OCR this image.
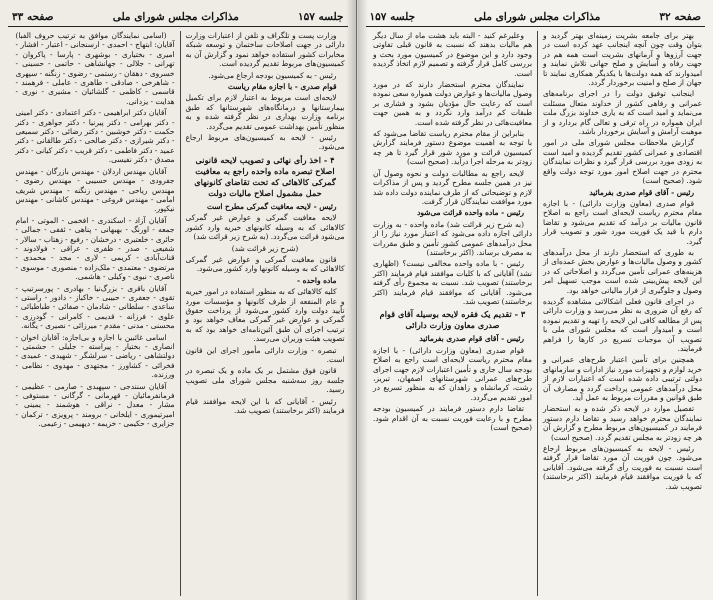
صفحه ۳۲
مذاکرات مجلس شورای ملی
جلسه ۱۵۷

بهتر برای جامعه بشریت زمینه‌ای بهتر گردید و بتوان وقت چون آنچه اینجانب عهد کرده است در جهت آرزوها و آرمانهای بشریت است همه هم در جهت رفاه و آسایش و صلح جهانی تلاش نمایند و امیدوارند که همه دولت‌ها با یکدیگر همکاری نمایند تا جهان از صلح و امنیت برخوردار گردد.

اینجانب توفیق دولت را در اجرای برنامه‌های عمرانی و رفاهی کشور از خداوند متعال مسئلت می‌نماید و امید است که به یاری خداوند بزرگ ملت ایران همواره در راه ترقی و تعالی گام بردارد و از موهبت آرامش و آسایش برخوردار باشد.

گزارش ملاحظات مجلس شورای ملی در امور اقتصادی و عمرانی کشور تقدیم گردیده و امید است به زودی مورد بررسی قرار گیرد و نظرات نمایندگان محترم در جهت اصلاح امور مورد توجه دولت واقع شود. (صحیح است)

رئیس - آقای قوام صدری بفرمائید

قوام صدری (معاون وزارت دارائی) - با اجازه مقام محترم ریاست لایحه‌ای است راجع به اصلاح قانون مالیات بر درآمد که تقدیم می‌شود و تقاضا دارم با قید یک فوریت مورد شور و تصویب قرار گیرد.

به طوری که استحضار دارند از محل درآمدهای کشور و وصول مالیات‌ها و عوارض بخش عمده‌ای از هزینه‌های عمرانی تأمین می‌گردد و اصلاحاتی که در این لایحه پیش‌بینی شده است موجب تسهیل امر وصول و جلوگیری از فرار مالیاتی خواهد بود.

در اجرای قانون فعلی اشکالاتی مشاهده گردیده که رفع آن ضروری به نظر می‌رسد و وزارت دارائی پس از مطالعه کافی این لایحه را تهیه و تقدیم نموده است و امیدوار است که مجلس شورای ملی با تصویب آن موجبات تسریع در کارها را فراهم فرمایند.

همچنین برای تأمین اعتبار طرح‌های عمرانی و خرید لوازم و تجهیزات مورد نیاز ادارات و سازمانهای دولتی ترتیبی داده شده است که اعتبارات لازم از محل درآمدهای عمومی پرداخت گردد و مصارف آن طبق قوانین و مقررات مربوط به عمل آید.

تفصیل موارد در لایحه ذکر شده و به استحضار نمایندگان محترم خواهد رسید و تقاضا دارم دستور فرمایند در کمیسیون‌های مربوط مطرح و گزارش آن هر چه زودتر به مجلس تقدیم گردد. (صحیح است)

رئیس - لایحه به کمیسیون‌های مربوط ارجاع می‌شود. چون فوریت آن مورد تقاضا قرار گرفته است نسبت به فوریت رأی گرفته می‌شود. آقایانی که با فوریت موافقند قیام فرمایند (اکثر برخاستند) تصویب شد.

وعلیرغم کنید - البته باید هشت ماه از سال دیگر هم مالیات بدهند که نسبت به قانون قبلی تفاوتی وجود دارد و این موضوع در کمیسیون مورد بحث و بررسی کامل قرار گرفته و تصمیم لازم اتخاذ گردیده است.

نمایندگان محترم استحضار دارند که در مورد وصول مالیات‌ها و عوارض دولت همواره سعی نموده است که رعایت حال مؤدیان بشود و فشاری بر طبقات کم درآمد وارد نگردد و به همین جهت معافیت‌هائی در نظر گرفته شده است.

بنابراین از مقام محترم ریاست تقاضا می‌شود که با توجه به اهمیت موضوع دستور فرمایند گزارش کمیسیون قرائت و مورد شور قرار گیرد تا هر چه زودتر به مرحله اجرا درآید. (صحیح است)

لایحه راجع به مطالبات دولت و نحوه وصول آن نیز در همین جلسه مطرح گردید و پس از مذاکرات لازم و توضیحاتی که از طرف نماینده دولت داده شد مورد موافقت نمایندگان قرار گرفت.

رئیس - ماده واحده قرائت می‌شود

(به شرح زیر قرائت شد) ماده واحده - به وزارت دارائی اجازه داده می‌شود که اعتبار مورد نیاز را از محل درآمدهای عمومی کشور تأمین و طبق مقررات به مصرف برساند. (اکثر برخاستند)

رئیس - با ماده واحده مخالفی نیست؟ (اظهاری نشد) آقایانی که با کلیات موافقند قیام فرمایند (اکثر برخاستند) تصویب شد. نسبت به مجموع رأی گرفته می‌شود. آقایانی که موافقند قیام فرمایند (اکثر برخاستند) تصویب شد.

۳ - تقدیم یک فقره لایحه بوسیله آقای قوام صدری معاون وزارت دارائی

رئیس - آقای قوام صدری بفرمائید

قوام صدری (معاون وزارت دارائی) - با اجازه مقام محترم ریاست لایحه‌ای است راجع به اصلاح بودجه سال جاری و تأمین اعتبارات لازم جهت اجرای طرح‌های عمرانی شهرستانهای اصفهان، تبریز، رشت، کرمانشاه و زاهدان که به منظور تسریع در امور تقدیم می‌گردد.

تقاضا دارم دستور فرمایند در کمیسیون بودجه مطرح و با رعایت فوریت نسبت به آن اقدام شود. (صحیح است)

جلسه ۱۵۷
مذاکرات مجلس شورای ملی
صفحه ۳۳

وزارت پست و تلگراف و تلفن از اعتبارات وزارت دارائی در جهت اصلاحات ساختمان و توسعه شبکه مخابرات کشور استفاده خواهد نمود و گزارش آن به کمیسیون‌های مربوط تقدیم گردیده است.

رئیس - به کمیسیون بودجه ارجاع می‌شود.

قوام صدری - با اجازه مقام ریاست

لایحه‌ای است مربوط به اعتبار لازم برای تکمیل بیمارستانها و درمانگاه‌های شهرستانها که طبق برنامه وزارت بهداری در نظر گرفته شده و به منظور تأمین بهداشت عمومی تقدیم می‌گردد.

رئیس - لایحه به کمیسیون‌های مربوط ارجاع می‌شود.

۴ - اخذ رأی نهائی و تصویب لایحه قانونی اصلاح تبصره ماده واحده راجع به معافیت گمرکی کالاهائی که تحت تقاضای کانونهای حمل مشمول اصلاح مالیات دولت

رئیس - لایحه معافیت گمرکی مطرح است

لایحه معافیت گمرکی و عوارض غیر گمرکی کالاهائی که به وسیله کانونهای خیریه وارد کشور می‌شود قرائت می‌گردد. (به شرح زیر قرائت شد)

(شرح زیر قرائت شد)

قانون معافیت گمرکی و عوارض غیر گمرکی کالاهائی که به وسیله کانونها وارد کشور می‌شود.

ماده واحده -

کلیه کالاهائی که به منظور استفاده در امور خیریه و عام المنفعه از طرف کانونها و مؤسسات مورد تأیید دولت وارد کشور می‌شود از پرداخت حقوق گمرکی و عوارض غیر گمرکی معاف خواهد بود و ترتیب اجرای آن طبق آئین‌نامه‌ای خواهد بود که به تصویب هیئت وزیران می‌رسد.

تبصره - وزارت دارائی مأمور اجرای این قانون است.

قانون فوق مشتمل بر یک ماده و یک تبصره در جلسه روز سه‌شنبه مجلس شورای ملی تصویب رسید.

رئیس - آقایانی که با این لایحه موافقند قیام فرمایند (اکثر برخاستند) تصویب شد.

(اسامی نمایندگان موافق به ترتیب حروف الفبا) آقایان: ابتهاج - احمدی - ارسنجانی - اعتبار - افشار - امیری - بختیاری - بوشهری - پارسا - پاکروان - تهرانی - جلالی - جهانشاهی - حاتمی - حسینی - خسروی - دهقان - رستمی - رضوی - زنگنه - سپهری - شاهرخی - صادقی - طاهری - عاملی - فرهمند - قاسمی - کاظمی - گلشائیان - مشیری - نوری - هدایت - یزدانی.

آقایان دکتر ابراهیمی - دکتر اعتمادی - دکتر امینی - دکتر بهرامی - دکتر پیرنیا - دکتر جواهری - دکتر حکمت - دکتر خوشبین - دکتر رضائی - دکتر سمیعی - دکتر شیرازی - دکتر صالحی - دکتر طالقانی - دکتر عمید - دکتر فاطمی - دکتر قریب - دکتر کیانی - دکتر مصدق - دکتر نفیسی.

آقایان مهندس اردلان - مهندس بازرگان - مهندس جفرودی - مهندس حسیبی - مهندس رضوی - مهندس ریاحی - مهندس زنگنه - مهندس شریف امامی - مهندس فروغی - مهندس کاشانی - مهندس نیکپور.

آقایان آزاد - اسکندری - افخمی - الموتی - امام جمعه - اورنگ - بهبهانی - پناهی - ثقفی - جمالی - حائری - خلعتبری - درخشان - رفیع - زهتاب - سالار - شفیعی - صدر - ظفری - عراقی - فولادوند - قنات‌آبادی - کریمی - لاری - مجد - محمدی - مرتضوی - معتمدی - ملک‌زاده - منصوری - موسوی - ناصری - نبوی - وکیلی - هاشمی.

آقایان باقری - بزرگ‌نیا - بهادری - پورسرتیپ - تقوی - جعفری - حبیبی - خاکباز - دادور - راستی - ساعدی - سلطانی - شادمان - صفائی - طباطبائی - علوی - فرزانه - قدیمی - کامرانی - گودرزی - محسنی - مدنی - مقدم - میرزائی - نصیری - یگانه.

اسامی غائبین با اجازه و بی‌اجازه: آقایان اخوان - انصاری - بختیار - پیراسته - جلیلی - حشمتی - دولتشاهی - ریاضی - سرلشگر - شهیدی - عمیدی - فخرائی - کشاورز - مجتهدی - مهدوی - نظامی - ورزنده.

آقایان سنندجی - سپهبدی - صارمی - عظیمی - فرمانفرمائیان - قهرمانی - گرگانی - مستوفی - مشار - معدل - نراقی - هوشمند - یمینی - امیرتیموری - ایلخانی - برومند - پرویزی - ترکمان - جزایری - حکیمی - خزیمه - دیهیمی - زعیمی.
